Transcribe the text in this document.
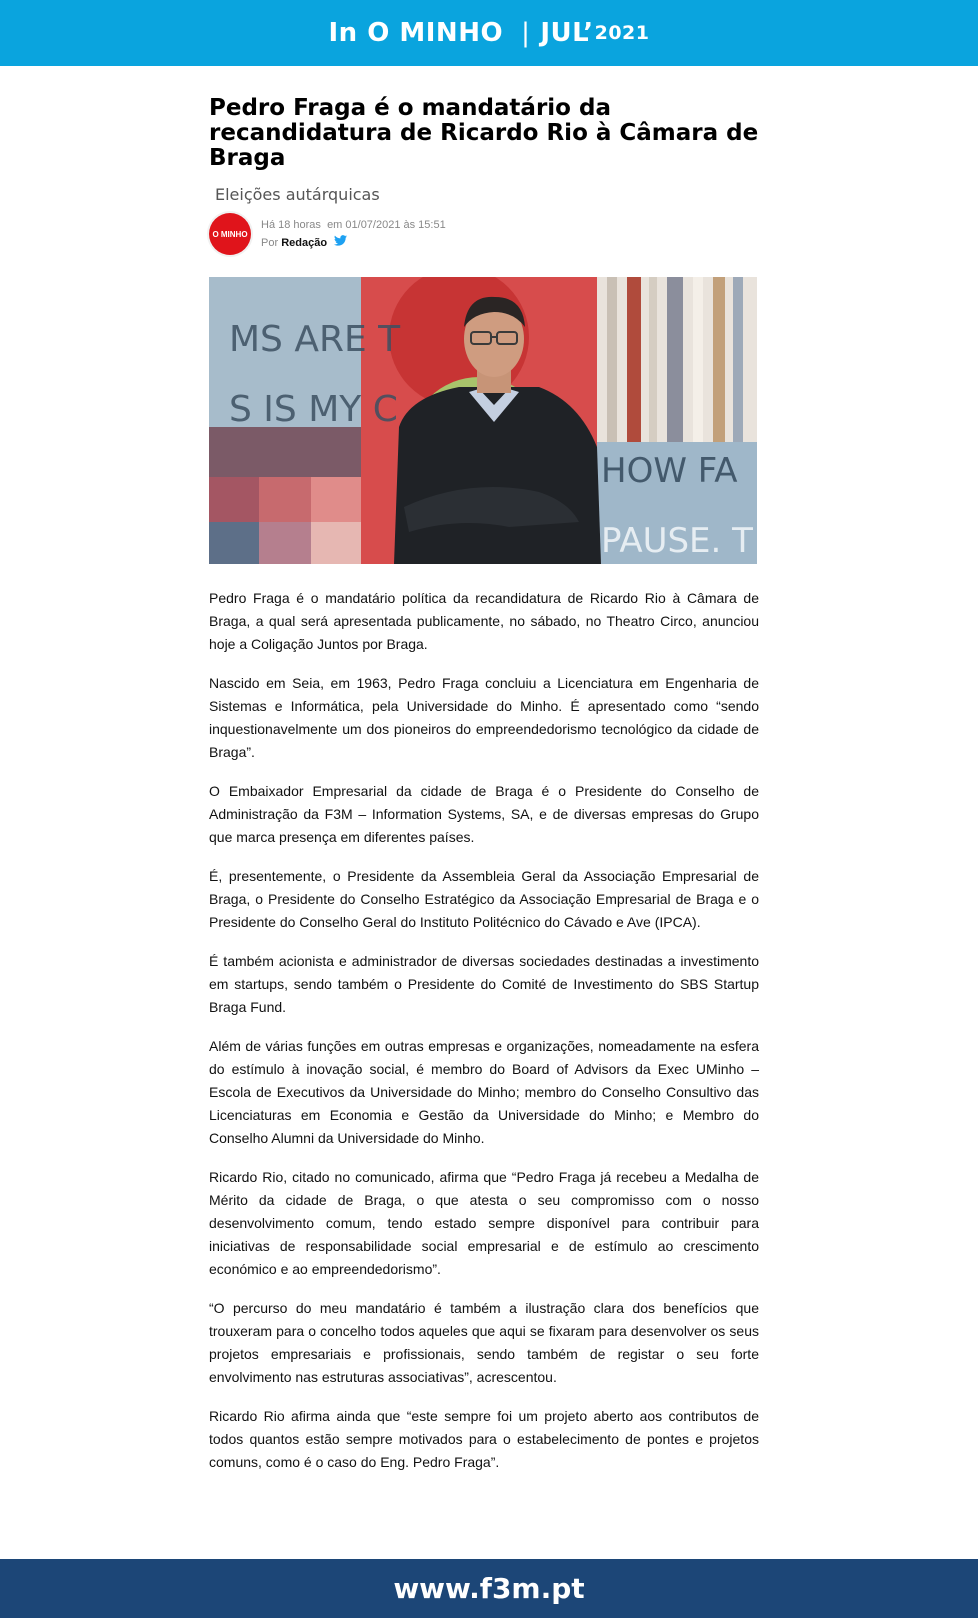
In O MINHO | JUL’ 2021
Pedro Fraga é o mandatário da recandidatura de Ricardo Rio à Câmara de Braga
Eleições autárquicas
O MINHO
Há 18 horas em 01/07/2021 às 15:51
Por Redação
MS ARE T
S IS MY C
HOW FA
PAUSE. T

Pedro Fraga é o mandatário política da recandidatura de Ricardo Rio à Câmara de Braga, a qual será apresentada publicamente, no sábado, no Theatro Circo, anunciou hoje a Coligação Juntos por Braga.

Nascido em Seia, em 1963, Pedro Fraga concluiu a Licenciatura em Engenharia de Sistemas e Informática, pela Universidade do Minho. É apresentado como “sendo inquestionavelmente um dos pioneiros do empreendedorismo tecnológico da cidade de Braga”.

O Embaixador Empresarial da cidade de Braga é o Presidente do Conselho de Administração da F3M – Information Systems, SA, e de diversas empresas do Grupo que marca presença em diferentes países.

É, presentemente, o Presidente da Assembleia Geral da Associação Empresarial de Braga, o Presidente do Conselho Estratégico da Associação Empresarial de Braga e o Presidente do Conselho Geral do Instituto Politécnico do Cávado e Ave (IPCA).

É também acionista e administrador de diversas sociedades destinadas a investimento em startups, sendo também o Presidente do Comité de Investimento do SBS Startup Braga Fund.

Além de várias funções em outras empresas e organizações, nomeadamente na esfera do estímulo à inovação social, é membro do Board of Advisors da Exec UMinho – Escola de Executivos da Universidade do Minho; membro do Conselho Consultivo das Licenciaturas em Economia e Gestão da Universidade do Minho; e Membro do Conselho Alumni da Universidade do Minho.

Ricardo Rio, citado no comunicado, afirma que “Pedro Fraga já recebeu a Medalha de Mérito da cidade de Braga, o que atesta o seu compromisso com o nosso desenvolvimento comum, tendo estado sempre disponível para contribuir para iniciativas de responsabilidade social empresarial e de estímulo ao crescimento económico e ao empreendedorismo”.

“O percurso do meu mandatário é também a ilustração clara dos benefícios que trouxeram para o concelho todos aqueles que aqui se fixaram para desenvolver os seus projetos empresariais e profissionais, sendo também de registar o seu forte envolvimento nas estruturas associativas”, acrescentou.

Ricardo Rio afirma ainda que “este sempre foi um projeto aberto aos contributos de todos quantos estão sempre motivados para o estabelecimento de pontes e projetos comuns, como é o caso do Eng. Pedro Fraga”.

www.f3m.pt
